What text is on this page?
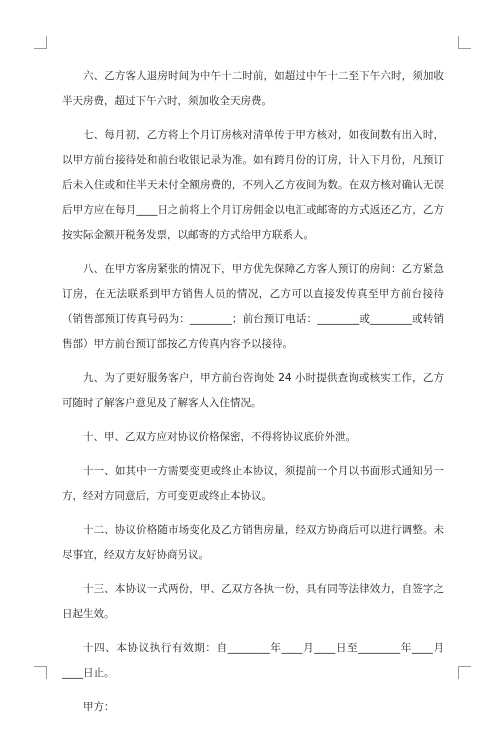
六、乙方客人退房时间为中午十二时前，如超过中午十二至下午六时，须加收半天房费，超过下午六时，须加收全天房费。

七、每月初，乙方将上个月订房核对清单传于甲方核对，如夜间数有出入时，以甲方前台接待处和前台收银记录为准。如有跨月份的订房，计入下月份，凡预订后未入住或和住半天未付全额房费的，不列入乙方夜间为数。在双方核对确认无误后甲方应在每月____日之前将上个月订房佣金以电汇或邮寄的方式返还乙方，乙方按实际金额开税务发票，以邮寄的方式给甲方联系人。

八、在甲方客房紧张的情况下，甲方优先保障乙方客人预订的房间：乙方紧急订房，在无法联系到甲方销售人员的情况，乙方可以直接发传真至甲方前台接待（销售部预订传真号码为：________；前台预订电话：________或________或转销售部）甲方前台预订部按乙方传真内容予以接待。

九、为了更好服务客户，甲方前台咨询处 24 小时提供查询或核实工作，乙方可随时了解客户意见及了解客人入住情况。

十、甲、乙双方应对协议价格保密，不得将协议底价外泄。

十一、如其中一方需要变更或终止本协议，须提前一个月以书面形式通知另一方，经对方同意后，方可变更或终止本协议。

十二、协议价格随市场变化及乙方销售房量，经双方协商后可以进行调整。未尽事宜，经双方友好协商另议。

十三、本协议一式两份，甲、乙双方各执一份，具有同等法律效力，自签字之日起生效。

十四、本协议执行有效期：自________年____月____日至________年____月____日止。

甲方：
